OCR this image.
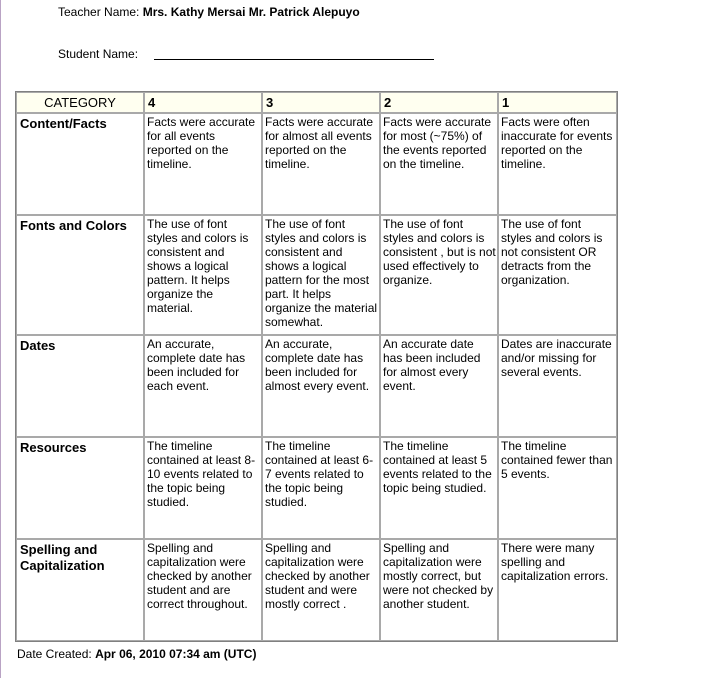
Teacher Name: Mrs. Kathy Mersai Mr. Patrick Alepuyo
Student Name:
CATEGORY	4	3	2	1
Content/Facts	Facts were accurate for all events reported on the timeline.	Facts were accurate for almost all events reported on the timeline.	Facts were accurate for most (~75%) of the events reported on the timeline.	Facts were often inaccurate for events reported on the timeline.
Fonts and Colors	The use of font styles and colors is consistent and shows a logical pattern. It helps organize the material.	The use of font styles and colors is consistent and shows a logical pattern for the most part. It helps organize the material somewhat.	The use of font styles and colors is consistent , but is not used effectively to organize.	The use of font styles and colors is not consistent OR detracts from the organization.
Dates	An accurate, complete date has been included for each event.	An accurate, complete date has been included for almost every event.	An accurate date has been included for almost every event.	Dates are inaccurate and/or missing for several events.
Resources	The timeline contained at least 8-10 events related to the topic being studied.	The timeline contained at least 6-7 events related to the topic being studied.	The timeline contained at least 5 events related to the topic being studied.	The timeline contained fewer than 5 events.
Spelling and Capitalization	Spelling and capitalization were checked by another student and are correct throughout.	Spelling and capitalization were checked by another student and were mostly correct .	Spelling and capitalization were mostly correct, but were not checked by another student.	There were many spelling and capitalization errors.
Date Created: Apr 06, 2010 07:34 am (UTC)
